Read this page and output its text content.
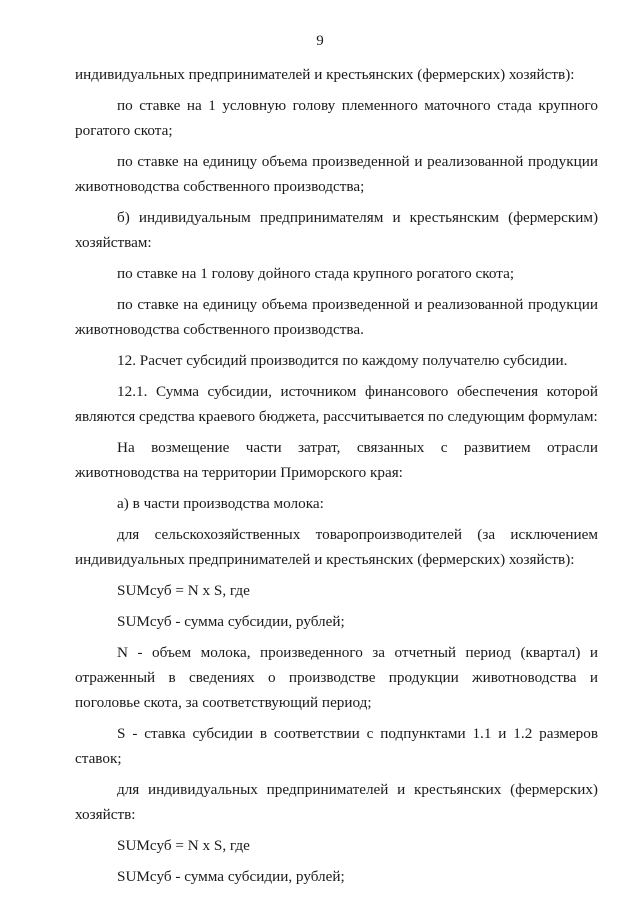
9

индивидуальных предпринимателей и крестьянских (фермерских) хозяйств):

по ставке на 1 условную голову племенного маточного стада крупного рогатого скота;

по ставке на единицу объема произведенной и реализованной продукции животноводства собственного производства;

б) индивидуальным предпринимателям и крестьянским (фермерским) хозяйствам:

по ставке на 1 голову дойного стада крупного рогатого скота;

по ставке на единицу объема произведенной и реализованной продукции животноводства собственного производства.

12. Расчет субсидий производится по каждому получателю субсидии.

12.1. Сумма субсидии, источником финансового обеспечения которой являются средства краевого бюджета, рассчитывается по следующим формулам:

На возмещение части затрат, связанных с развитием отрасли животноводства на территории Приморского края:

а) в части производства молока:

для сельскохозяйственных товаропроизводителей (за исключением индивидуальных предпринимателей и крестьянских (фермерских) хозяйств):

SUMсуб = N x S, где

SUMсуб - сумма субсидии, рублей;

N - объем молока, произведенного за отчетный период (квартал) и отраженный в сведениях о производстве продукции животноводства и поголовье скота, за соответствующий период;

S - ставка субсидии в соответствии с подпунктами 1.1 и 1.2 размеров ставок;

для индивидуальных предпринимателей и крестьянских (фермерских) хозяйств:

SUMсуб = N x S, где

SUMсуб - сумма субсидии, рублей;
